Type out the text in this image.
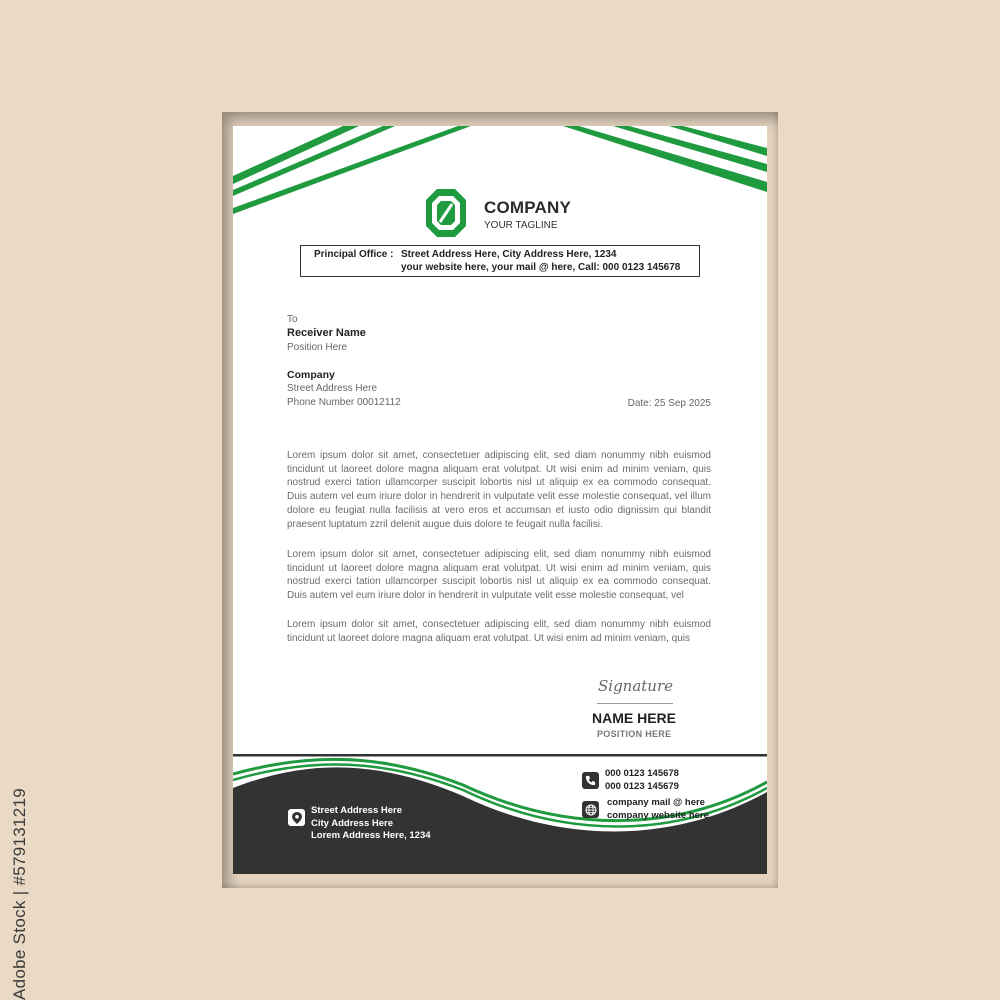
COMPANY
YOUR TAGLINE
Principal Office : Street Address Here, City Address Here, 1234
your website here, your mail @ here, Call: 000 0123 145678
To
Receiver Name
Position Here
Company
Street Address Here
Phone Number 00012112	Date: 25 Sep 2025
Lorem ipsum dolor sit amet, consectetuer adipiscing elit, sed diam nonummy nibh euismod tincidunt ut laoreet dolore magna aliquam erat volutpat. Ut wisi enim ad minim veniam, quis nostrud exerci tation ullamcorper suscipit lobortis nisl ut aliquip ex ea commodo consequat. Duis autem vel eum iriure dolor in hendrerit in vulputate velit esse molestie consequat, vel illum dolore eu feugiat nulla facilisis at vero eros et accumsan et iusto odio dignissim qui blandit praesent luptatum zzril delenit augue duis dolore te feugait nulla facilisi.
Lorem ipsum dolor sit amet, consectetuer adipiscing elit, sed diam nonummy nibh euismod tincidunt ut laoreet dolore magna aliquam erat volutpat. Ut wisi enim ad minim veniam, quis nostrud exerci tation ullamcorper suscipit lobortis nisl ut aliquip ex ea commodo consequat. Duis autem vel eum iriure dolor in hendrerit in vulputate velit esse molestie consequat, vel
Lorem ipsum dolor sit amet, consectetuer adipiscing elit, sed diam nonummy nibh euismod tincidunt ut laoreet dolore magna aliquam erat volutpat. Ut wisi enim ad minim veniam, quis
Signature
NAME HERE
POSITION HERE
000 0123 145678
000 0123 145679
company mail @ here
company website here
Street Address Here
City Address Here
Lorem Address Here, 1234
Adobe Stock | #579131219
